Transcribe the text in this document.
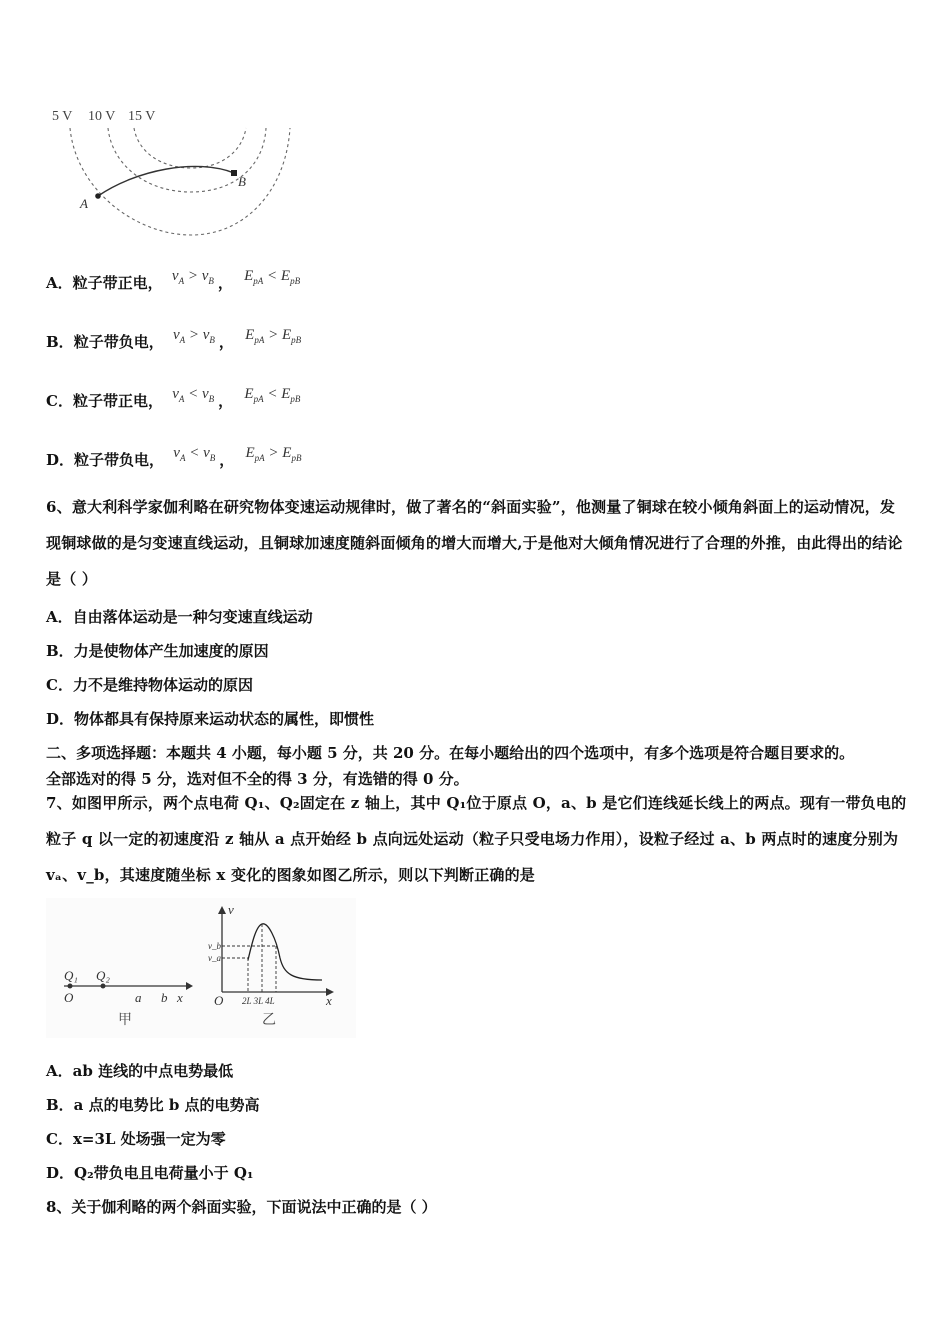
5 V 10 V 15 V
A
B
A．粒子带正电， $v_A > v_B$ ， $E_{pA} < E_{pB}$
B．粒子带负电， $v_A > v_B$ ， $E_{pA} > E_{pB}$
C．粒子带正电， $v_A < v_B$ ， $E_{pA} < E_{pB}$
D．粒子带负电， $v_A < v_B$ ， $E_{pA} > E_{pB}$
6、意大利科学家伽利略在研究物体变速运动规律时，做了著名的“斜面实验”，他测量了铜球在较小倾角斜面上的运动情况，发现铜球做的是匀变速直线运动，且铜球加速度随斜面倾角的增大而增大,于是他对大倾角情况进行了合理的外推，由此得出的结论是（ ）
A．自由落体运动是一种匀变速直线运动
B．力是使物体产生加速度的原因
C．力不是维持物体运动的原因
D．物体都具有保持原来运动状态的属性，即惯性
二、多项选择题：本题共 4 小题，每小题 5 分，共 20 分。在每小题给出的四个选项中，有多个选项是符合题目要求的。
全部选对的得 5 分，选对但不全的得 3 分，有选错的得 0 分。
7、如图甲所示，两个点电荷 Q₁、Q₂固定在 z 轴上，其中 Q₁位于原点 O，a、b 是它们连线延长线上的两点。现有一带负电的粒子 q 以一定的初速度沿 z 轴从 a 点开始经 b 点向远处运动（粒子只受电场力作用），设粒子经过 a、b 两点时的速度分别为 vₐ、v_b，其速度随坐标 x 变化的图象如图乙所示，则以下判断正确的是
Q₁ Q₂
O	a b x
甲
v
v_b
v_a
O 2L 3L 4L	x
乙
A．ab 连线的中点电势最低
B．a 点的电势比 b 点的电势高
C．x=3L 处场强一定为零
D．Q₂带负电且电荷量小于 Q₁
8、关于伽利略的两个斜面实验，下面说法中正确的是（ ）
